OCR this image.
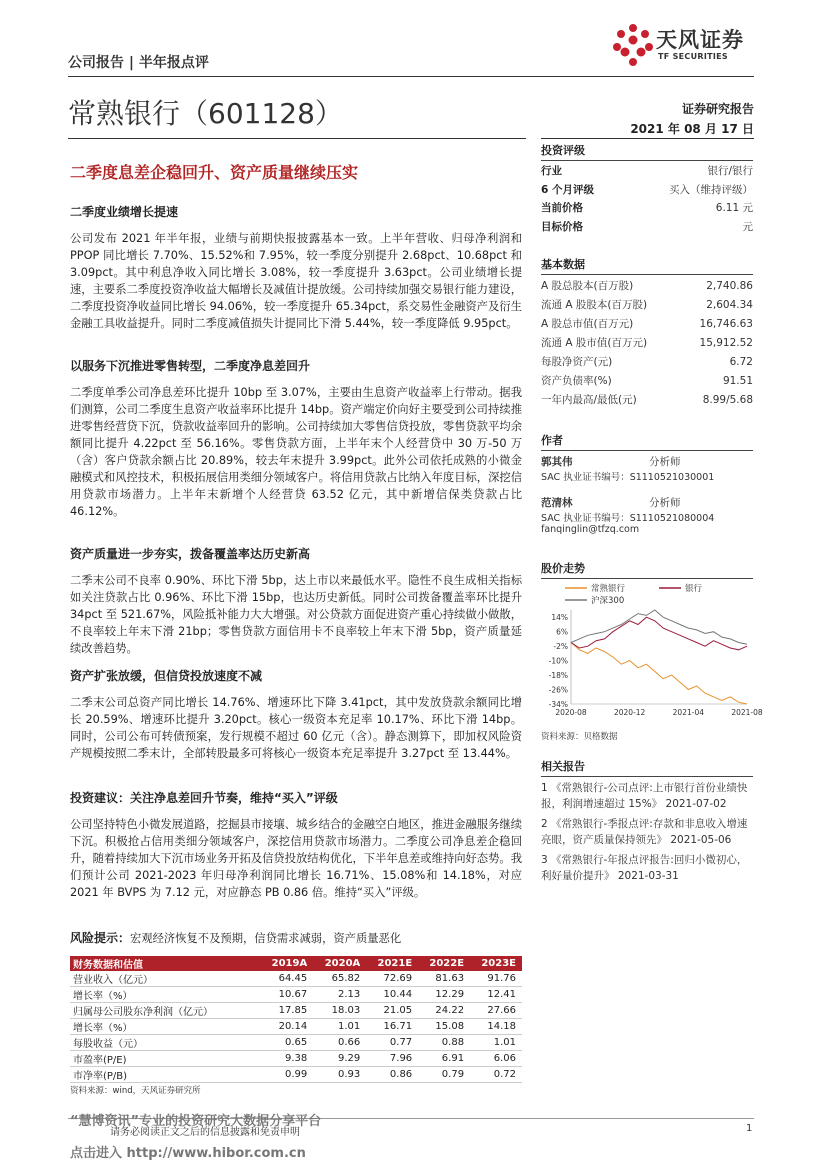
天风证券
TF SECURITIES
公司报告 | 半年报点评
常熟银行（601128）	证券研究报告
2021 年 08 月 17 日
二季度息差企稳回升、资产质量继续压实
二季度业绩增长提速

公司发布 2021 年半年报，业绩与前期快报披露基本一致。上半年营收、归母净利润和 PPOP 同比增长 7.70%、15.52%和 7.95%，较一季度分别提升 2.68pct、10.68pct 和 3.09pct。其中利息净收入同比增长 3.08%，较一季度提升 3.63pct。公司业绩增长提速，主要系二季度投资净收益大幅增长及减值计提放缓。公司持续加强交易银行能力建设，二季度投资净收益同比增长 94.06%，较一季度提升 65.34pct，系交易性金融资产及衍生金融工具收益提升。同时二季度减值损失计提同比下滑 5.44%，较一季度降低 9.95pct。

以服务下沉推进零售转型，二季度净息差回升

二季度单季公司净息差环比提升 10bp 至 3.07%，主要由生息资产收益率上行带动。据我们测算，公司二季度生息资产收益率环比提升 14bp。资产端定价向好主要受到公司持续推进零售经营贷下沉，贷款收益率回升的影响。公司持续加大零售信贷投放，零售贷款平均余额同比提升 4.22pct 至 56.16%。零售贷款方面，上半年末个人经营贷中 30 万-50 万（含）客户贷款余额占比 20.89%，较去年末提升 3.99pct。此外公司依托成熟的小微金融模式和风控技术，积极拓展信用类细分领域客户。将信用贷款占比纳入年度目标，深挖信用贷款市场潜力。上半年末新增个人经营贷 63.52 亿元，其中新增信保类贷款占比 46.12%。

资产质量进一步夯实，拨备覆盖率达历史新高

二季末公司不良率 0.90%、环比下滑 5bp，达上市以来最低水平。隐性不良生成相关指标如关注贷款占比 0.96%、环比下滑 15bp，也达历史新低。同时公司拨备覆盖率环比提升 34pct 至 521.67%，风险抵补能力大大增强。对公贷款方面促进资产重心持续做小做散，不良率较上年末下滑 21bp；零售贷款方面信用卡不良率较上年末下滑 5bp，资产质量延续改善趋势。

资产扩张放缓，但信贷投放速度不减

二季末公司总资产同比增长 14.76%、增速环比下降 3.41pct，其中发放贷款余额同比增长 20.59%、增速环比提升 3.20pct。核心一级资本充足率 10.17%、环比下滑 14bp。同时，公司公布可转债预案，发行规模不超过 60 亿元（含）。静态测算下，即加权风险资产规模按照二季末计，全部转股最多可将核心一级资本充足率提升 3.27pct 至 13.44%。

投资建议：关注净息差回升节奏，维持“买入”评级

公司坚持特色小微发展道路，挖掘县市接壤、城乡结合的金融空白地区，推进金融服务继续下沉。积极抢占信用类细分领域客户，深挖信用贷款市场潜力。二季度公司净息差企稳回升，随着持续加大下沉市场业务开拓及信贷投放结构优化，下半年息差或维持向好态势。我们预计公司 2021-2023 年归母净利润同比增长 16.71%、15.08%和 14.18%，对应 2021 年 BVPS 为 7.12 元，对应静态 PB 0.86 倍。维持“买入”评级。

风险提示：宏观经济恢复不及预期，信贷需求减弱，资产质量恶化
财务数据和估值	2019A	2020A	2021E	2022E	2023E
营业收入（亿元）	64.45	65.82	72.69	81.63	91.76
增长率（%）	10.67	2.13	10.44	12.29	12.41
归属母公司股东净利润（亿元）	17.85	18.03	21.05	24.22	27.66
增长率（%）	20.14	1.01	16.71	15.08	14.18
每股收益（元）	0.65	0.66	0.77	0.88	1.01
市盈率(P/E)	9.38	9.29	7.96	6.91	6.06
市净率(P/B)	0.99	0.93	0.86	0.79	0.72
资料来源：wind，天风证券研究所
投资评级
行业	银行/银行
6 个月评级	买入（维持评级）
当前价格	6.11 元
目标价格	元
基本数据
A 股总股本(百万股)	2,740.86
流通 A 股股本(百万股)	2,604.34
A 股总市值(百万元)	16,746.63
流通 A 股市值(百万元)	15,912.52
每股净资产(元)	6.72
资产负债率(%)	91.51
一年内最高/最低(元)	8.99/5.68
作者
郭其伟	分析师
SAC 执业证书编号：S1110521030001
范清林	分析师
SAC 执业证书编号：S1110521080004
fanqinglin@tfzq.com
股价走势
常熟银行	银行
沪深300
14%
6%
-2%
-10%
-18%
-26%
-34%
2020-08	2020-12	2021-04	2021-08
资料来源：贝格数据
相关报告
1 《常熟银行-公司点评:上市银行首份业绩快报，利润增速超过 15%》 2021-07-02
2 《常熟银行-季报点评:存款和非息收入增速亮眼，资产质量保持领先》 2021-05-06
3 《常熟银行-年报点评报告:回归小微初心，利好量价提升》 2021-03-31
“慧博资讯”专业的投资研究大数据分享平台
请务必阅读正文之后的信息披露和免责申明
点击进入 http://www.hibor.com.cn
1
